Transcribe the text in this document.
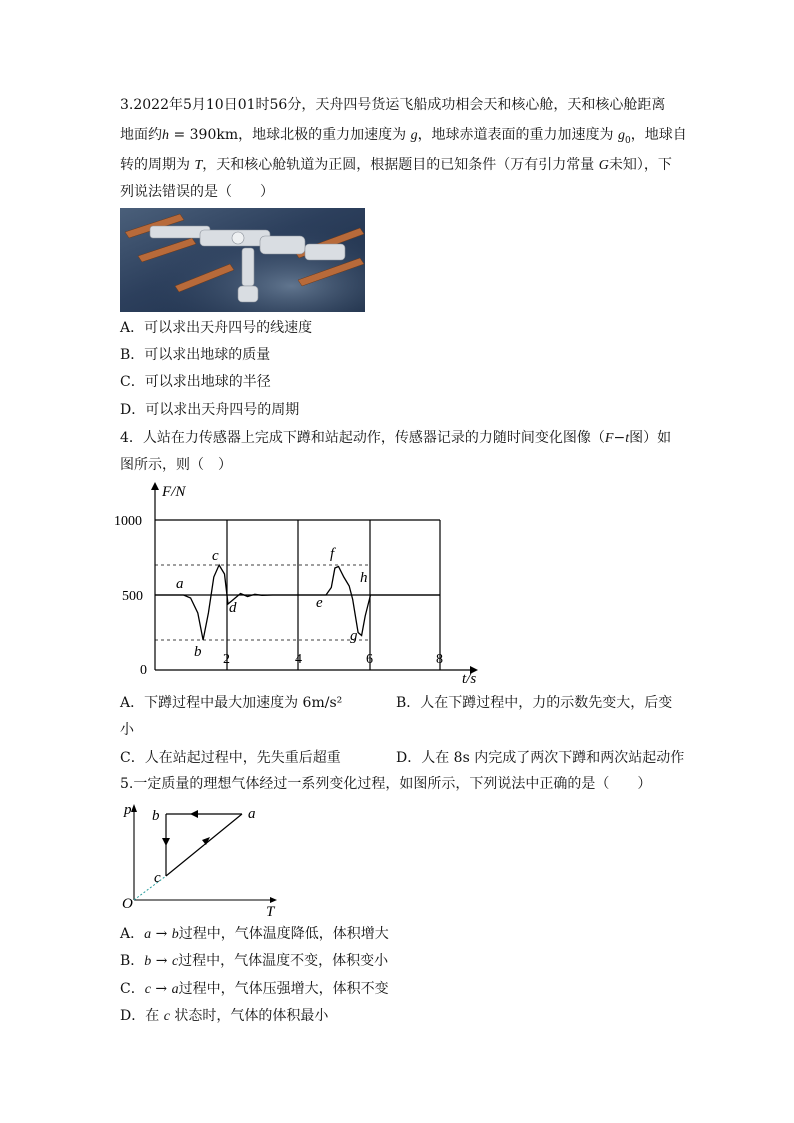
3.2022年5月10日01时56分，天舟四号货运飞船成功相会天和核心舱，天和核心舱距离
地面约h = 390km，地球北极的重力加速度为 g，地球赤道表面的重力加速度为 $g_0$，地球自
转的周期为 T，天和核心舱轨道为正圆，根据题目的已知条件（万有引力常量 G未知），下
列说法错误的是（　　）
A．可以求出天舟四号的线速度
B．可以求出地球的质量
C．可以求出地球的半径
D．可以求出天舟四号的周期
4．人站在力传感器上完成下蹲和站起动作，传感器记录的力随时间变化图像（F−t图）如
图所示，则（　）
F/N
t/s
1000
500
0
2	4	6	8
a
b
c
d	e
f
g
h
A．下蹲过程中最大加速度为 6m/s²	B．人在下蹲过程中，力的示数先变大，后变
小
C．人在站起过程中，先失重后超重	D．人在 8s 内完成了两次下蹲和两次站起动作
5.一定质量的理想气体经过一系列变化过程，如图所示，下列说法中正确的是（　　）
p
T
O
a
b
c
A．a → b过程中，气体温度降低，体积增大
B．b → c过程中，气体温度不变，体积变小
C．c → a过程中，气体压强增大，体积不变
D．在 c 状态时，气体的体积最小
